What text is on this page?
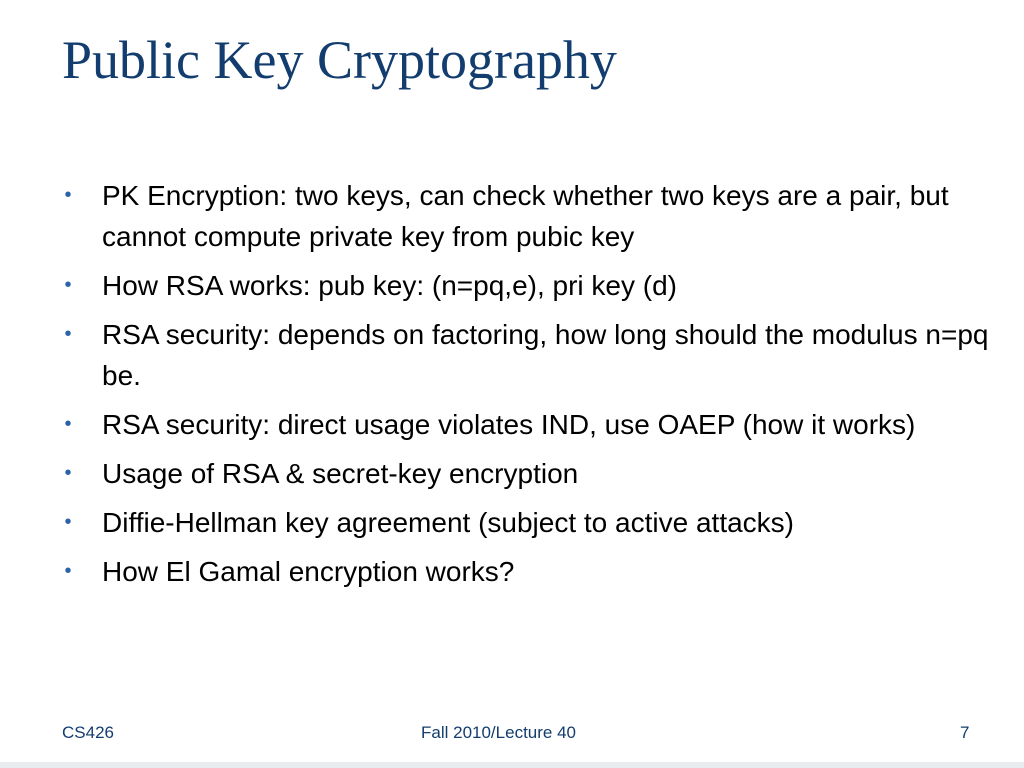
Public Key Cryptography
• PK Encryption: two keys, can check whether two keys are a pair, but cannot compute private key from pubic key
• How RSA works: pub key: (n=pq,e), pri key (d)
• RSA security: depends on factoring, how long should the modulus n=pq be.
• RSA security: direct usage violates IND, use OAEP (how it works)
• Usage of RSA & secret-key encryption
• Diffie-Hellman key agreement (subject to active attacks)
• How El Gamal encryption works?
CS426	Fall 2010/Lecture 40	7
